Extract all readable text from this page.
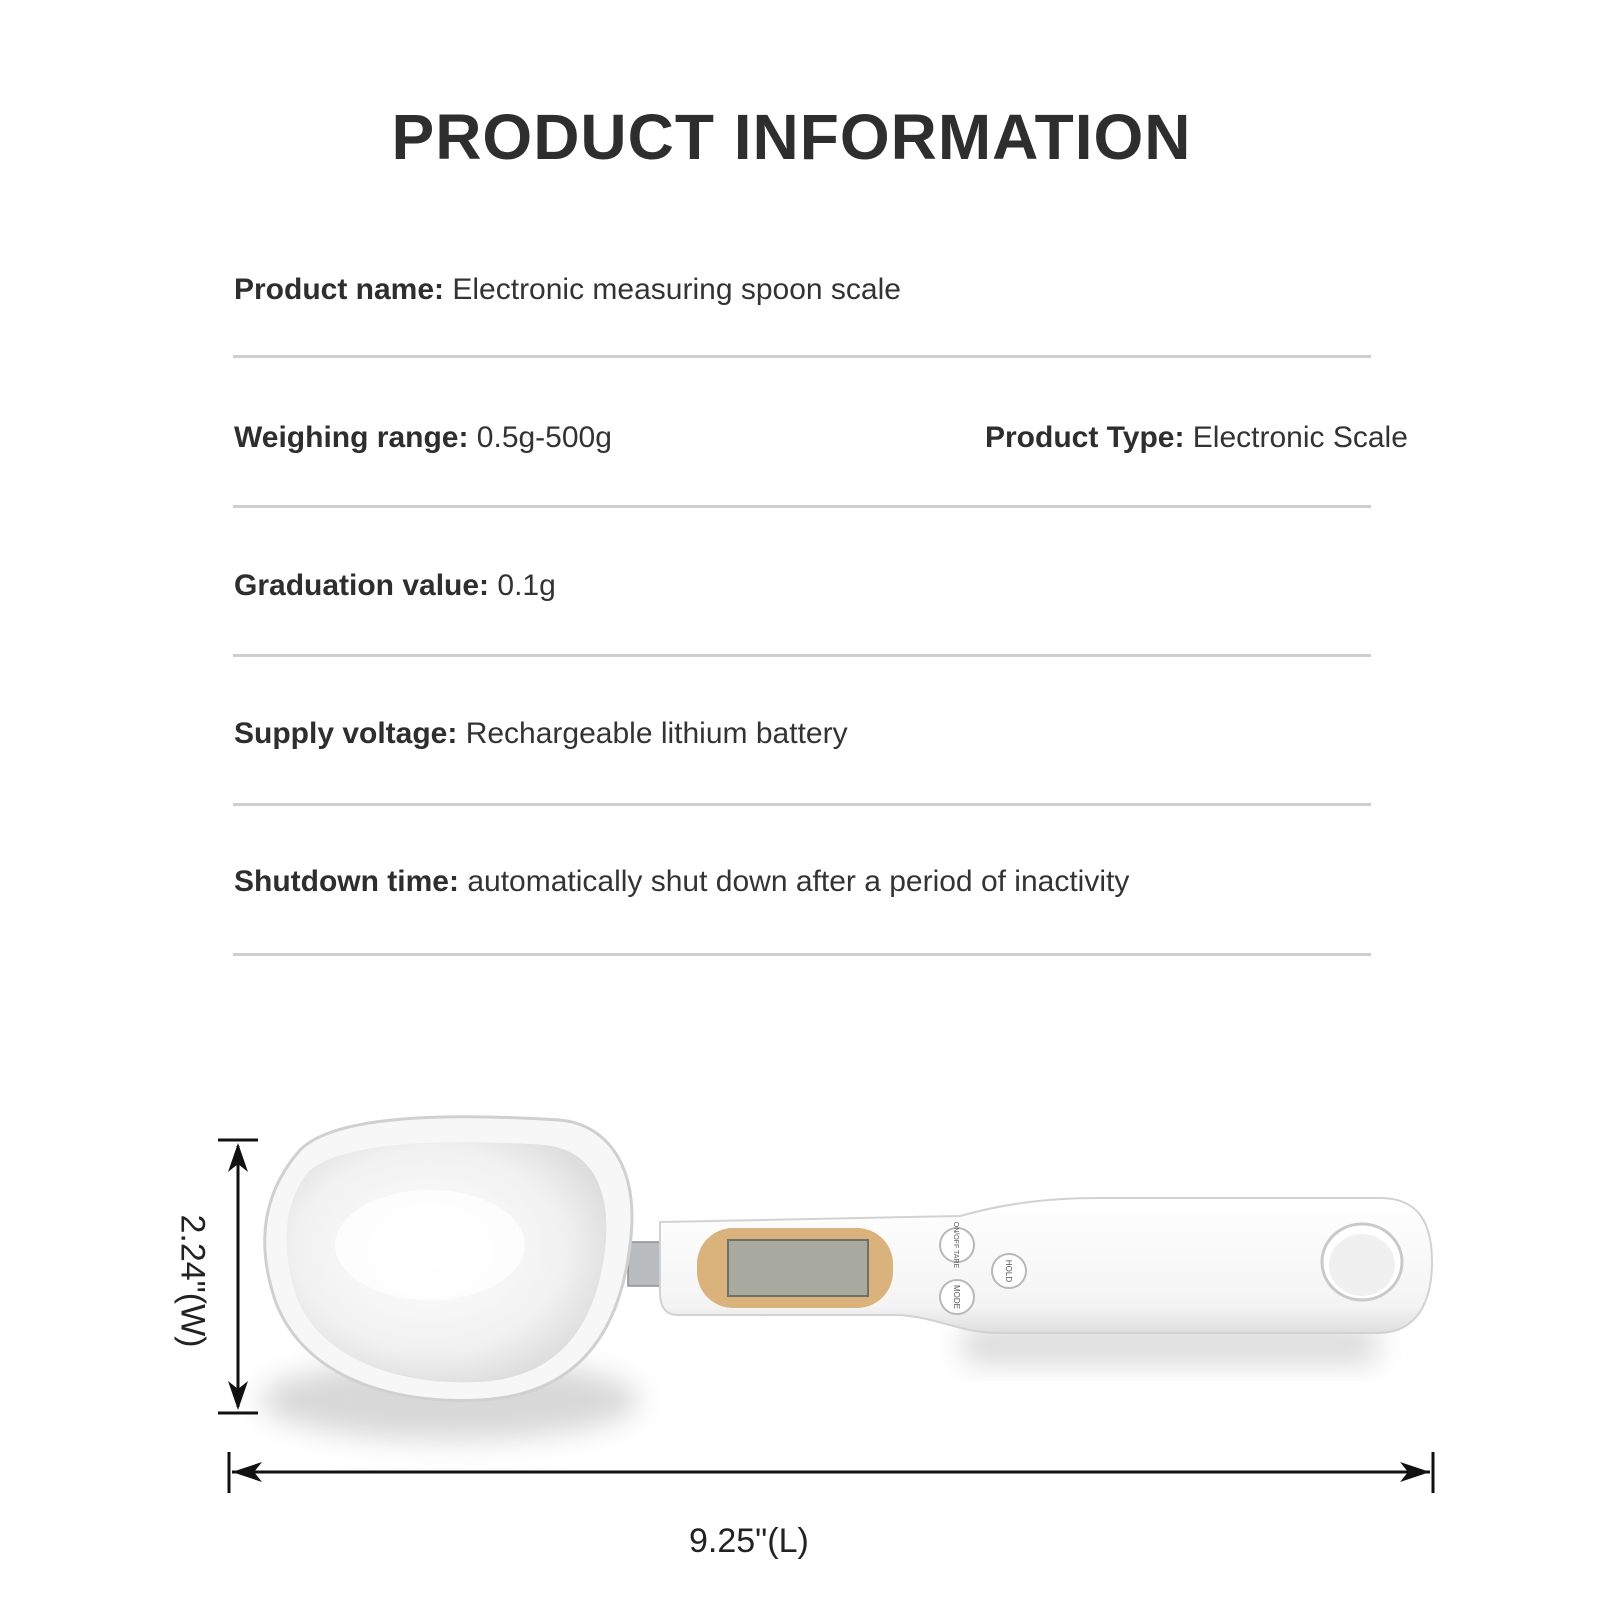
PRODUCT INFORMATION
Product name: Electronic measuring spoon scale
Weighing range: 0.5g-500g	Product Type: Electronic Scale
Graduation value: 0.1g
Supply voltage: Rechargeable lithium battery
Shutdown time: automatically shut down after a period of inactivity
ON/OFF TARE
MODE
HOLD
2.24"(W)
9.25"(L)
